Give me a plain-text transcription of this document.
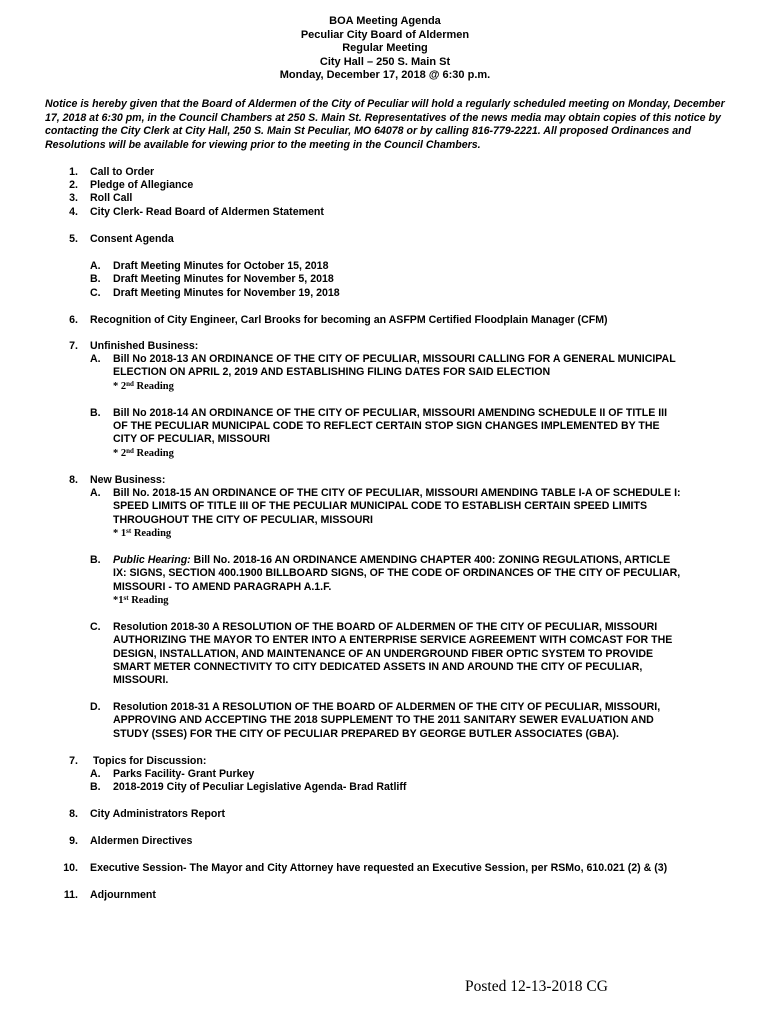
BOA Meeting Agenda
Peculiar City Board of Aldermen
Regular Meeting
City Hall – 250 S. Main St
Monday, December 17, 2018 @ 6:30 p.m.
Notice is hereby given that the Board of Aldermen of the City of Peculiar will hold a regularly scheduled meeting on Monday, December 17, 2018 at 6:30 pm, in the Council Chambers at 250 S. Main St. Representatives of the news media may obtain copies of this notice by contacting the City Clerk at City Hall, 250 S. Main St Peculiar, MO 64078 or by calling 816-779-2221. All proposed Ordinances and Resolutions will be available for viewing prior to the meeting in the Council Chambers.
1. Call to Order
2. Pledge of Allegiance
3. Roll Call
4. City Clerk- Read Board of Aldermen Statement
5. Consent Agenda
A. Draft Meeting Minutes for October 15, 2018
B. Draft Meeting Minutes for November 5, 2018
C. Draft Meeting Minutes for November 19, 2018
6. Recognition of City Engineer, Carl Brooks for becoming an ASFPM Certified Floodplain Manager (CFM)
7. Unfinished Business:
A. Bill No 2018-13 AN ORDINANCE OF THE CITY OF PECULIAR, MISSOURI CALLING FOR A GENERAL MUNICIPAL
ELECTION ON APRIL 2, 2019 AND ESTABLISHING FILING DATES FOR SAID ELECTION
* 2nd Reading
B. Bill No 2018-14 AN ORDINANCE OF THE CITY OF PECULIAR, MISSOURI AMENDING SCHEDULE II OF TITLE III
OF THE PECULIAR MUNICIPAL CODE TO REFLECT CERTAIN STOP SIGN CHANGES IMPLEMENTED BY THE
CITY OF PECULIAR, MISSOURI
* 2nd Reading
8. New Business:
A. Bill No. 2018-15 AN ORDINANCE OF THE CITY OF PECULIAR, MISSOURI AMENDING TABLE I-A OF SCHEDULE I:
SPEED LIMITS OF TITLE III OF THE PECULIAR MUNICIPAL CODE TO ESTABLISH CERTAIN SPEED LIMITS
THROUGHOUT THE CITY OF PECULIAR, MISSOURI
* 1st Reading
B. Public Hearing: Bill No. 2018-16 AN ORDINANCE AMENDING CHAPTER 400: ZONING REGULATIONS, ARTICLE
IX: SIGNS, SECTION 400.1900 BILLBOARD SIGNS, OF THE CODE OF ORDINANCES OF THE CITY OF PECULIAR,
MISSOURI - TO AMEND PARAGRAPH A.1.F.
*1st Reading
C. Resolution 2018-30 A RESOLUTION OF THE BOARD OF ALDERMEN OF THE CITY OF PECULIAR, MISSOURI
AUTHORIZING THE MAYOR TO ENTER INTO A ENTERPRISE SERVICE AGREEMENT WITH COMCAST FOR THE
DESIGN, INSTALLATION, AND MAINTENANCE OF AN UNDERGROUND FIBER OPTIC SYSTEM TO PROVIDE
SMART METER CONNECTIVITY TO CITY DEDICATED ASSETS IN AND AROUND THE CITY OF PECULIAR,
MISSOURI.
D. Resolution 2018-31 A RESOLUTION OF THE BOARD OF ALDERMEN OF THE CITY OF PECULIAR, MISSOURI,
APPROVING AND ACCEPTING THE 2018 SUPPLEMENT TO THE 2011 SANITARY SEWER EVALUATION AND
STUDY (SSES) FOR THE CITY OF PECULIAR PREPARED BY GEORGE BUTLER ASSOCIATES (GBA).
7. Topics for Discussion:
A. Parks Facility- Grant Purkey
B. 2018-2019 City of Peculiar Legislative Agenda- Brad Ratliff
8. City Administrators Report
9. Aldermen Directives
10. Executive Session- The Mayor and City Attorney have requested an Executive Session, per RSMo, 610.021 (2) & (3)
11. Adjournment
Posted 12-13-2018 CG
